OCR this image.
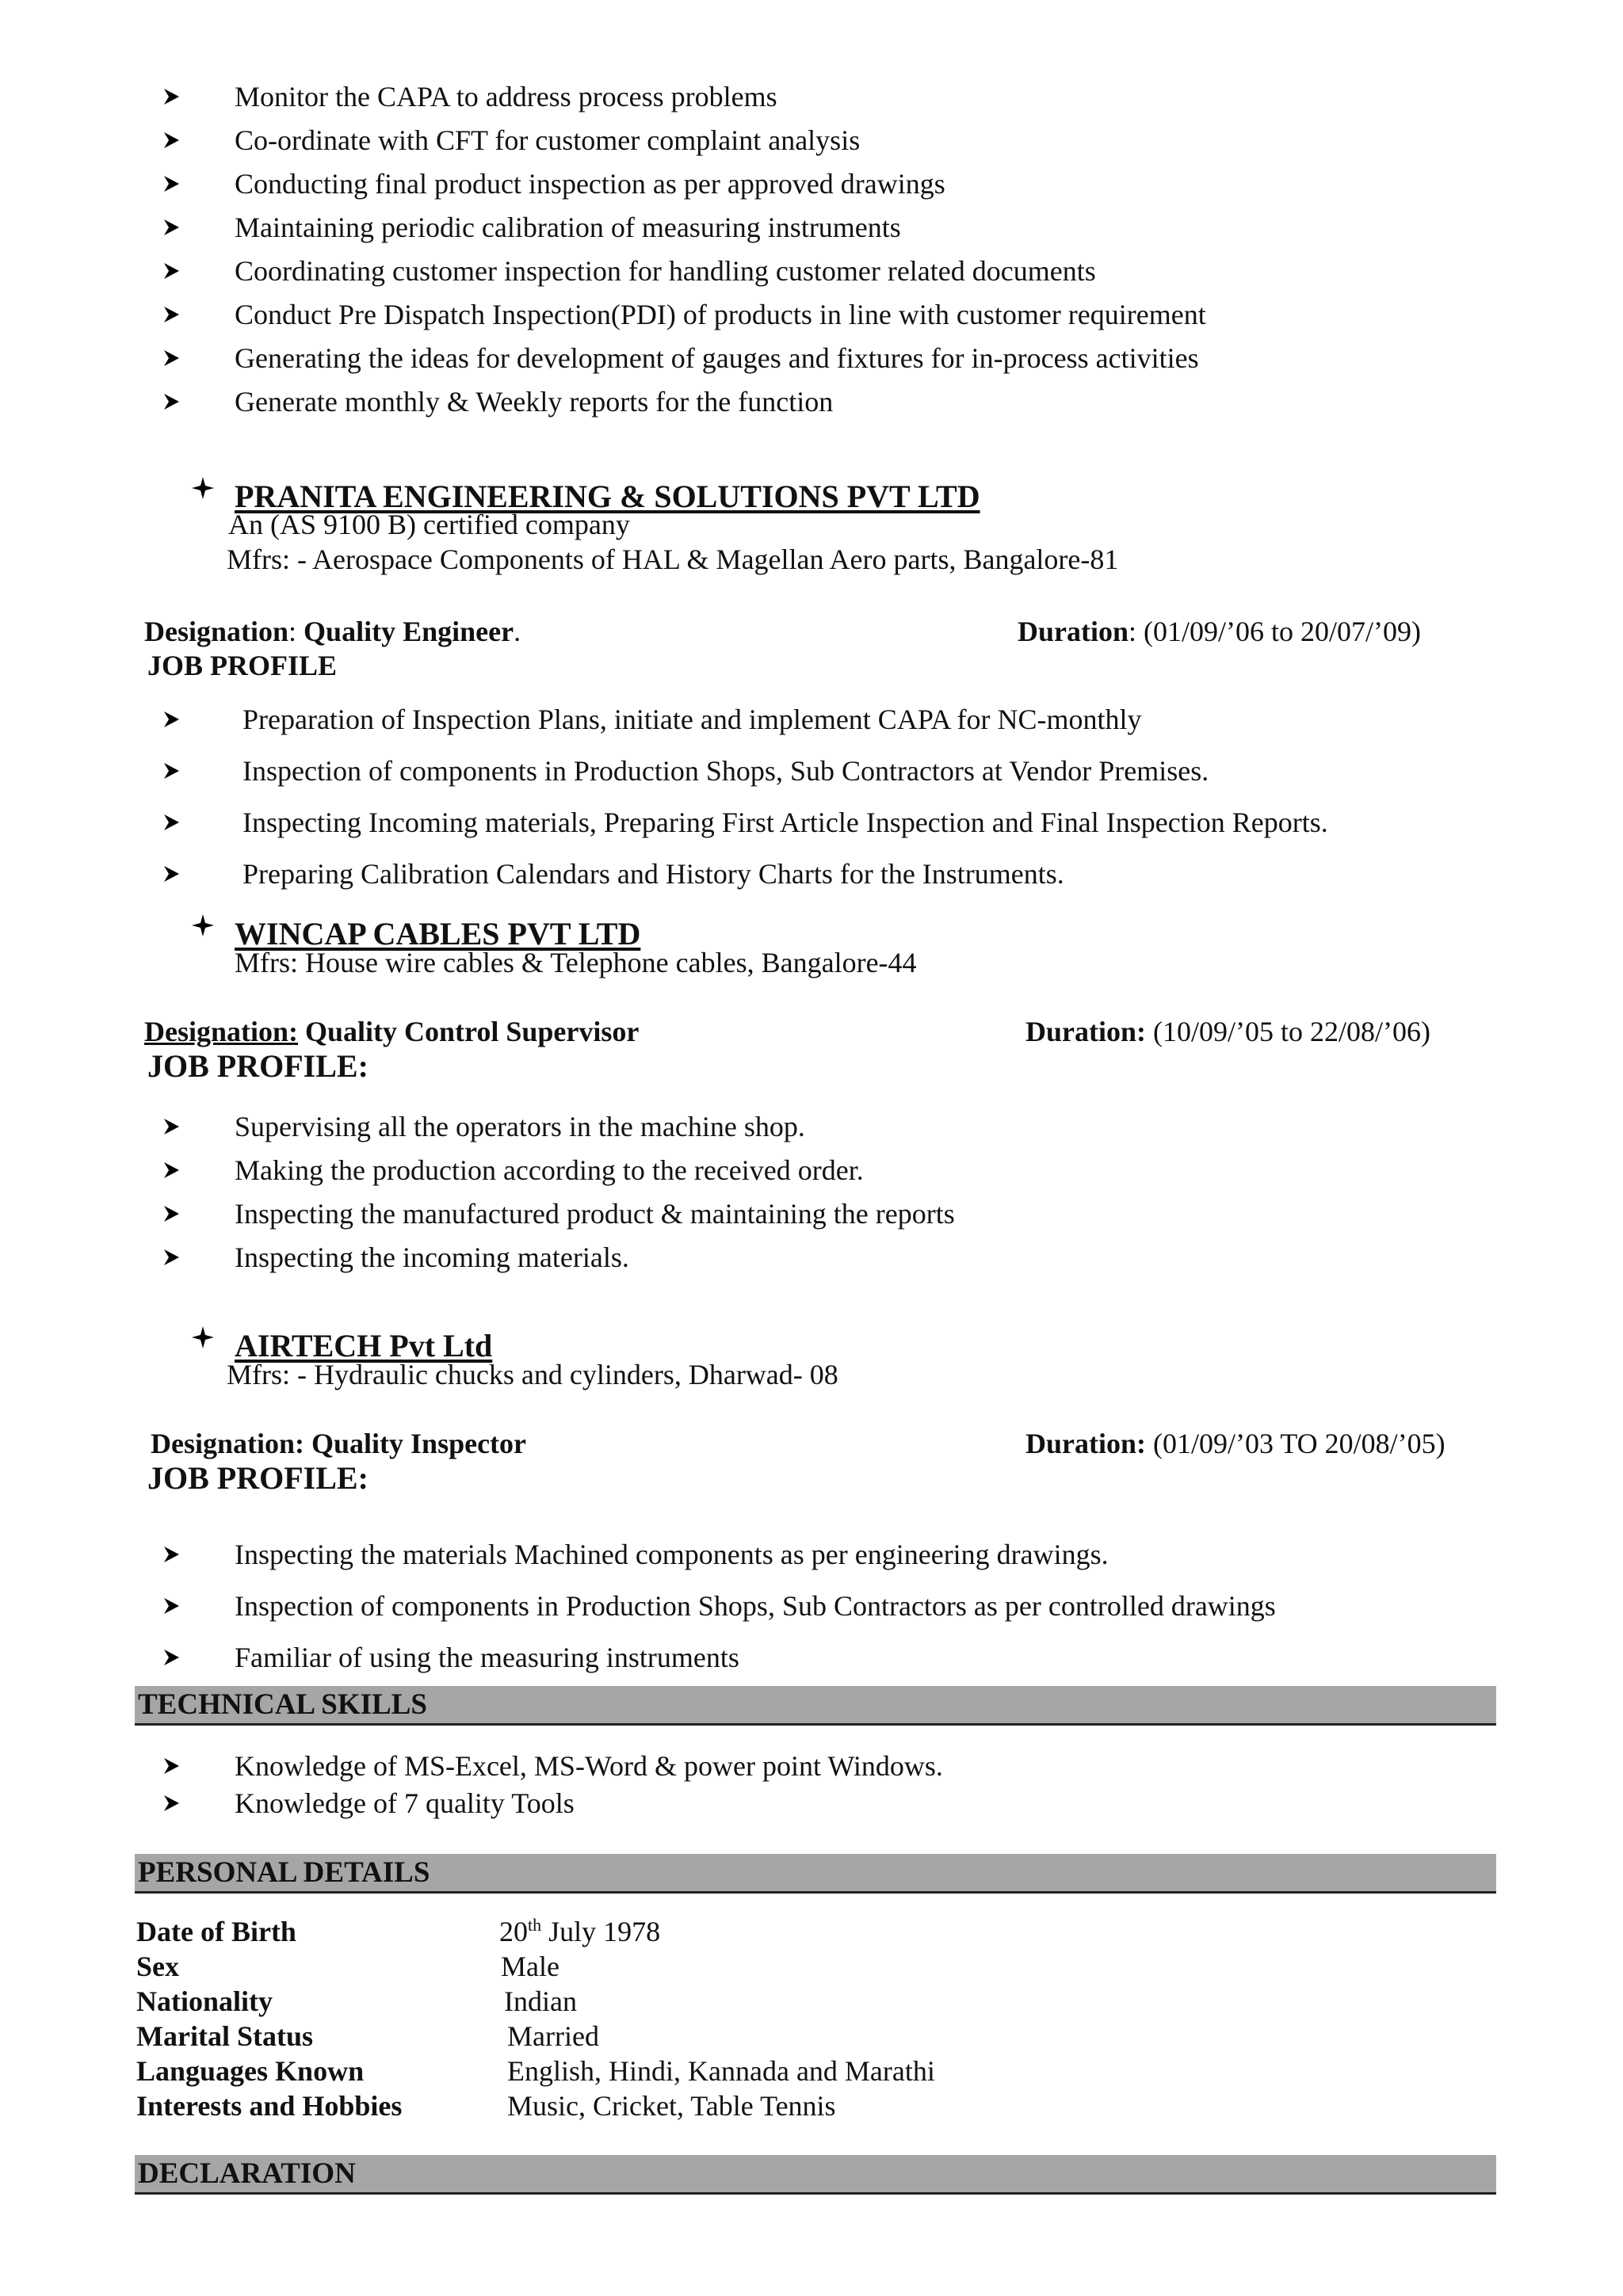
Monitor the CAPA to address process problems
Co-ordinate with CFT for customer complaint analysis
Conducting final product inspection as per approved drawings
Maintaining periodic calibration of measuring instruments
Coordinating customer inspection for handling customer related documents
Conduct Pre Dispatch Inspection(PDI) of products in line with customer requirement
Generating the ideas for development of gauges and fixtures for in-process activities
Generate monthly & Weekly reports for the function
PRANITA ENGINEERING & SOLUTIONS PVT LTD
An (AS 9100 B) certified company
Mfrs: - Aerospace Components of HAL & Magellan Aero parts, Bangalore-81
Designation: Quality Engineer.	Duration: (01/09/’06 to 20/07/’09)
JOB PROFILE
Preparation of Inspection Plans, initiate and implement CAPA for NC-monthly
Inspection of components in Production Shops, Sub Contractors at Vendor Premises.
Inspecting Incoming materials, Preparing First Article Inspection and Final Inspection Reports.
Preparing Calibration Calendars and History Charts for the Instruments.
WINCAP CABLES PVT LTD
Mfrs: House wire cables & Telephone cables, Bangalore-44
Designation: Quality Control Supervisor	Duration: (10/09/’05 to 22/08/’06)
JOB PROFILE:
Supervising all the operators in the machine shop.
Making the production according to the received order.
Inspecting the manufactured product & maintaining the reports
Inspecting the incoming materials.
AIRTECH Pvt Ltd
Mfrs: - Hydraulic chucks and cylinders, Dharwad- 08
Designation: Quality Inspector	Duration: (01/09/’03 TO 20/08/’05)
JOB PROFILE:
Inspecting the materials Machined components as per engineering drawings.
Inspection of components in Production Shops, Sub Contractors as per controlled drawings
Familiar of using the measuring instruments
TECHNICAL SKILLS
Knowledge of MS-Excel, MS-Word & power point Windows.
Knowledge of 7 quality Tools
PERSONAL DETAILS
Date of Birth	20th July 1978
Sex	Male
Nationality	Indian
Marital Status	Married
Languages Known	English, Hindi, Kannada and Marathi
Interests and Hobbies	Music, Cricket, Table Tennis
DECLARATION
